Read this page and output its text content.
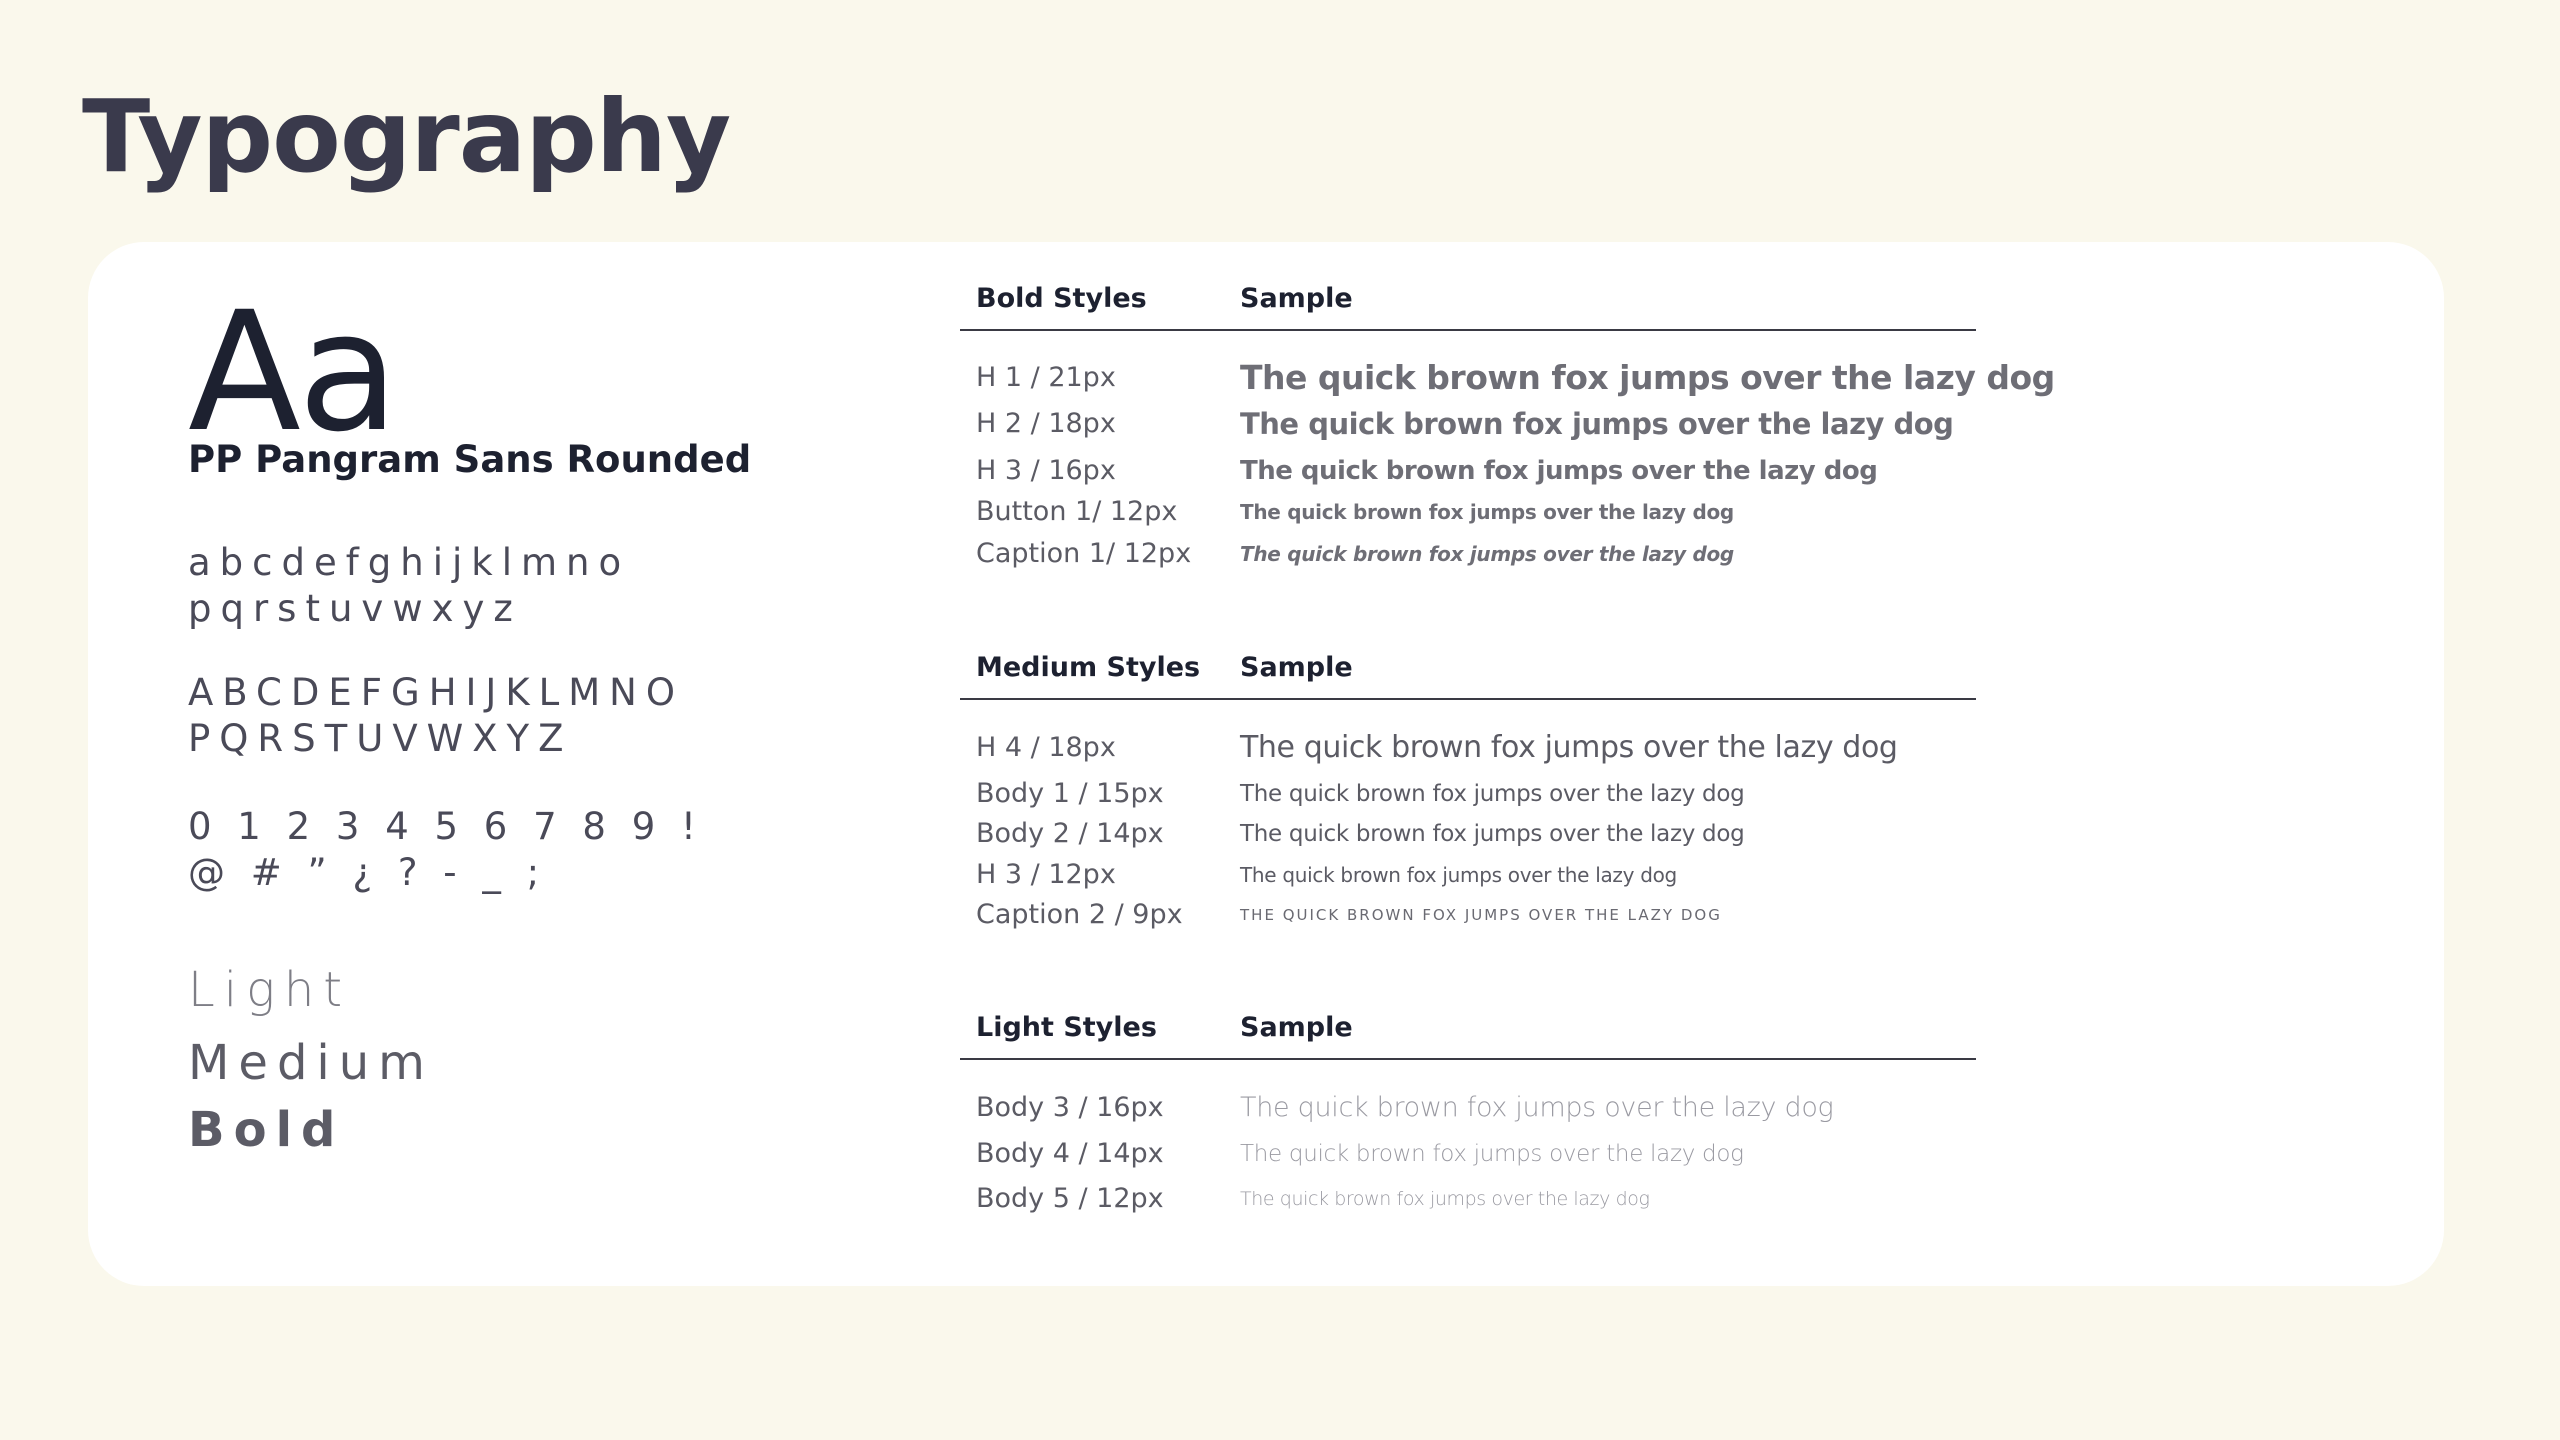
Typography
Aa
PP Pangram Sans Rounded
abcdefghijklmno
pqrstuvwxyz
ABCDEFGHIJKLMNO
PQRSTUVWXYZ
0 1 2 3 4 5 6 7 8 9 !
@ # ” ¿ ? - _ ;
Light
Medium
Bold
Bold Styles	Sample
H 1 / 21px	The quick brown fox jumps over the lazy dog
H 2 / 18px	The quick brown fox jumps over the lazy dog
H 3 / 16px	The quick brown fox jumps over the lazy dog
Button 1/ 12px	The quick brown fox jumps over the lazy dog
Caption 1/ 12px The quick brown fox jumps over the lazy dog
Medium Styles Sample
H 4 / 18px	The quick brown fox jumps over the lazy dog
Body 1 / 15px	The quick brown fox jumps over the lazy dog
Body 2 / 14px	The quick brown fox jumps over the lazy dog
H 3 / 12px	The quick brown fox jumps over the lazy dog
Caption 2 / 9px	THE QUICK BROWN FOX JUMPS OVER THE LAZY DOG
Light Styles	Sample
Body 3 / 16px	The quick brown fox jumps over the lazy dog
Body 4 / 14px	The quick brown fox jumps over the lazy dog
Body 5 / 12px	The quick brown fox jumps over the lazy dog
